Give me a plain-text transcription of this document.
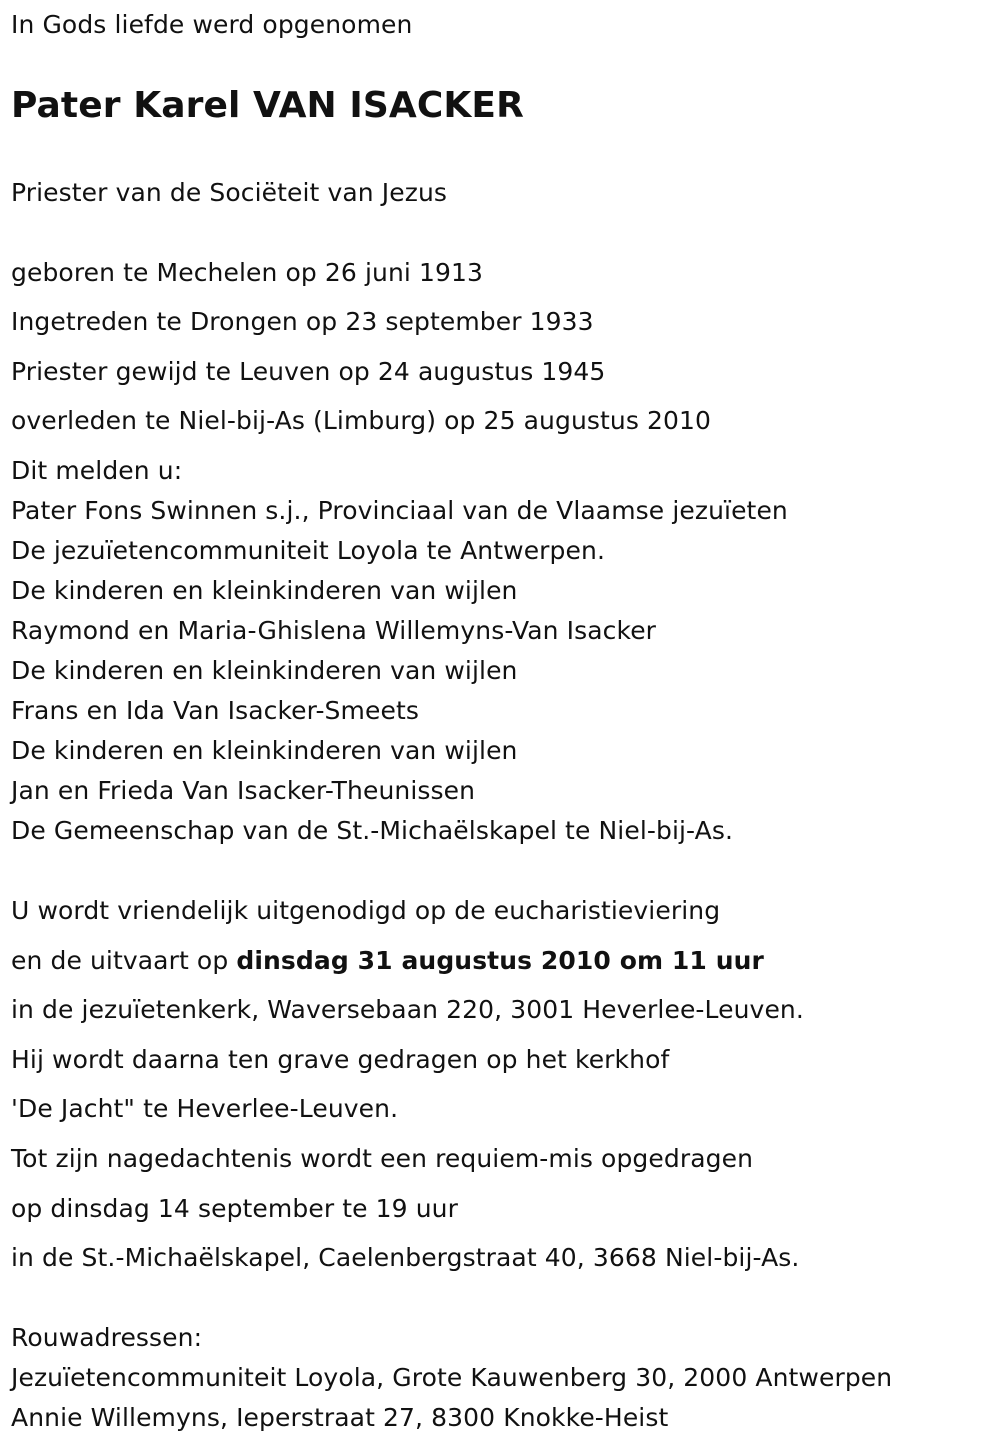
In Gods liefde werd opgenomen
Pater Karel VAN ISACKER
Priester van de Sociëteit van Jezus
geboren te Mechelen op 26 juni 1913
Ingetreden te Drongen op 23 september 1933
Priester gewijd te Leuven op 24 augustus 1945
overleden te Niel-bij-As (Limburg) op 25 augustus 2010
Dit melden u:
Pater Fons Swinnen s.j., Provinciaal van de Vlaamse jezuïeten
De jezuïetencommuniteit Loyola te Antwerpen.
De kinderen en kleinkinderen van wijlen
Raymond en Maria-Ghislena Willemyns-Van Isacker
De kinderen en kleinkinderen van wijlen
Frans en Ida Van Isacker-Smeets
De kinderen en kleinkinderen van wijlen
Jan en Frieda Van Isacker-Theunissen
De Gemeenschap van de St.-Michaëlskapel te Niel-bij-As.
U wordt vriendelijk uitgenodigd op de eucharistieviering
en de uitvaart op dinsdag 31 augustus 2010 om 11 uur
in de jezuïetenkerk, Waversebaan 220, 3001 Heverlee-Leuven.
Hij wordt daarna ten grave gedragen op het kerkhof
'De Jacht" te Heverlee-Leuven.
Tot zijn nagedachtenis wordt een requiem-mis opgedragen
op dinsdag 14 september te 19 uur
in de St.-Michaëlskapel, Caelenbergstraat 40, 3668 Niel-bij-As.
Rouwadressen:
Jezuïetencommuniteit Loyola, Grote Kauwenberg 30, 2000 Antwerpen
Annie Willemyns, Ieperstraat 27, 8300 Knokke-Heist
